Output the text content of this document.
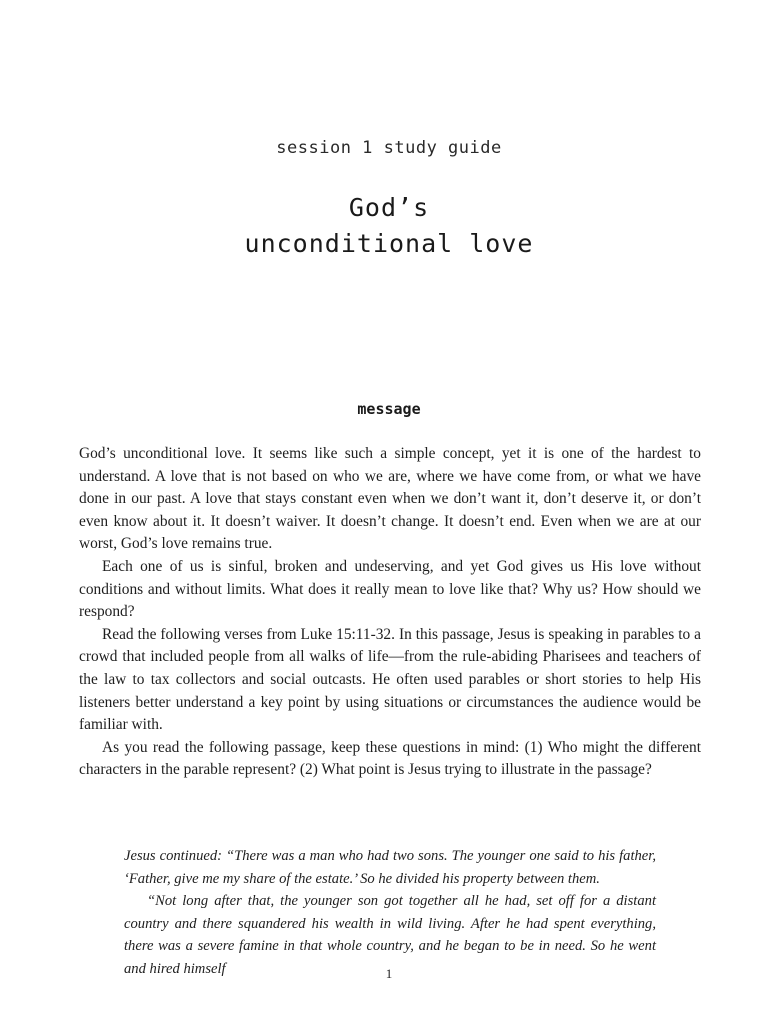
session 1 study guide
God’s
unconditional love
message

God’s unconditional love. It seems like such a simple concept, yet it is one of the hardest to understand. A love that is not based on who we are, where we have come from, or what we have done in our past. A love that stays constant even when we don’t want it, don’t deserve it, or don’t even know about it. It doesn’t waiver. It doesn’t change. It doesn’t end. Even when we are at our worst, God’s love remains true.

Each one of us is sinful, broken and undeserving, and yet God gives us His love without conditions and without limits. What does it really mean to love like that? Why us? How should we respond?

Read the following verses from Luke 15:11-32. In this passage, Jesus is speaking in parables to a crowd that included people from all walks of life—from the rule-abiding Pharisees and teachers of the law to tax collectors and social outcasts. He often used parables or short stories to help His listeners better understand a key point by using situations or circumstances the audience would be familiar with.

As you read the following passage, keep these questions in mind: (1) Who might the different characters in the parable represent? (2) What point is Jesus trying to illustrate in the passage?

Jesus continued: “There was a man who had two sons. The younger one said to his father, ‘Father, give me my share of the estate.’ So he divided his property between them.

“Not long after that, the younger son got together all he had, set off for a distant country and there squandered his wealth in wild living. After he had spent everything, there was a severe famine in that whole country, and he began to be in need. So he went and hired himself	1
